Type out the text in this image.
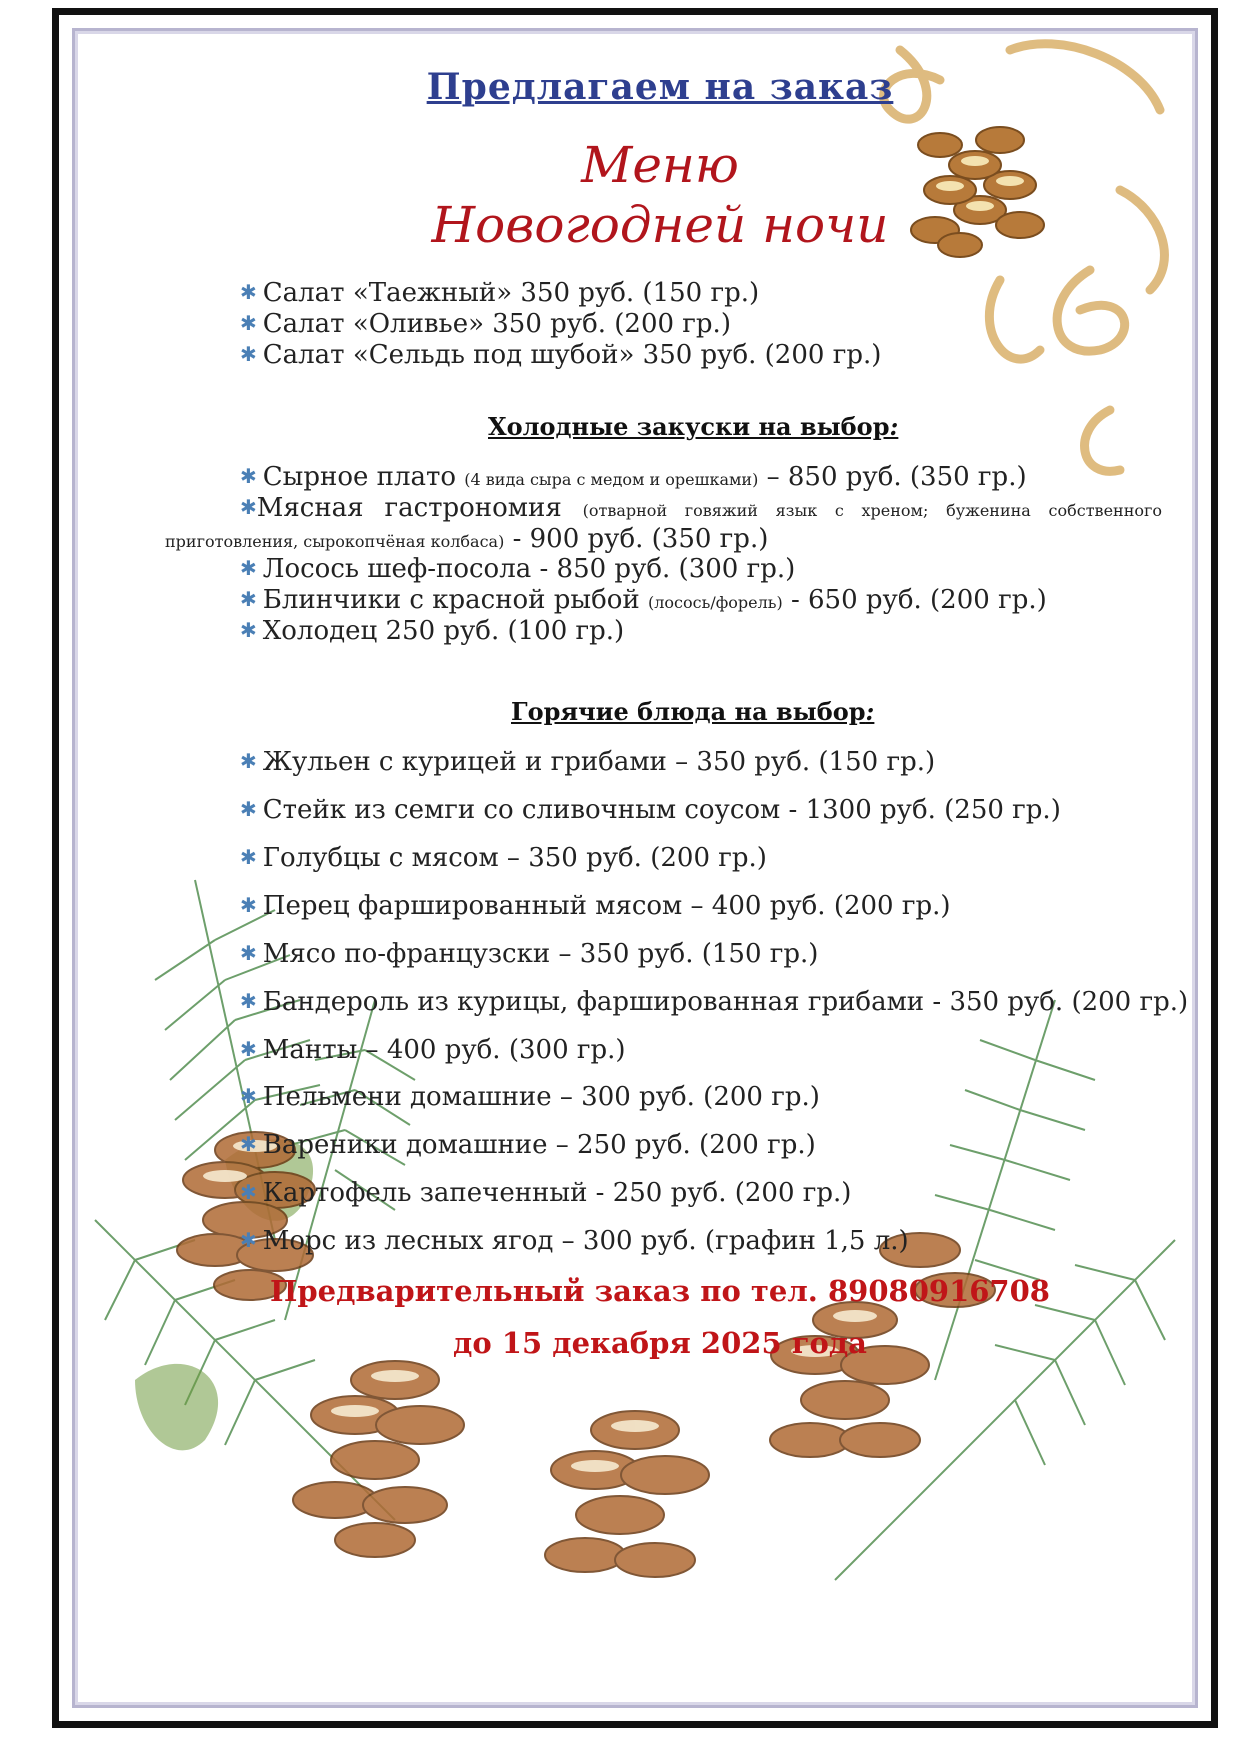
Предлагаем на заказ
Меню
Новогодней ночи
✱ Салат «Таежный» 350 руб. (150 гр.)
✱ Салат «Оливье» 350 руб. (200 гр.)
✱ Салат «Сельдь под шубой» 350 руб. (200 гр.)
Холодные закуски на выбор:
✱ Сырное плато (4 вида сыра с медом и орешками) – 850 руб. (350 гр.)
✱Мясная гастрономия (отварной говяжий язык с хреном; буженина собственного
приготовления, сырокопчёная колбаса) - 900 руб. (350 гр.)
✱ Лосось шеф-посола - 850 руб. (300 гр.)
✱ Блинчики с красной рыбой (лосось/форель) - 650 руб. (200 гр.)
✱ Холодец 250 руб. (100 гр.)
Горячие блюда на выбор:
✱ Жульен с курицей и грибами – 350 руб. (150 гр.)
✱ Стейк из семги со сливочным соусом - 1300 руб. (250 гр.)
✱ Голубцы с мясом – 350 руб. (200 гр.)
✱ Перец фаршированный мясом – 400 руб. (200 гр.)
✱ Мясо по-французски – 350 руб. (150 гр.)
✱ Бандероль из курицы, фаршированная грибами - 350 руб. (200 гр.)
✱ Манты – 400 руб. (300 гр.)
✱ Пельмени домашние – 300 руб. (200 гр.)
✱ Вареники домашние – 250 руб. (200 гр.)
✱ Картофель запеченный - 250 руб. (200 гр.)
✱ Морс из лесных ягод – 300 руб. (графин 1,5 л.)
Предварительный заказ по тел. 89080916708
до 15 декабря 2025 года
